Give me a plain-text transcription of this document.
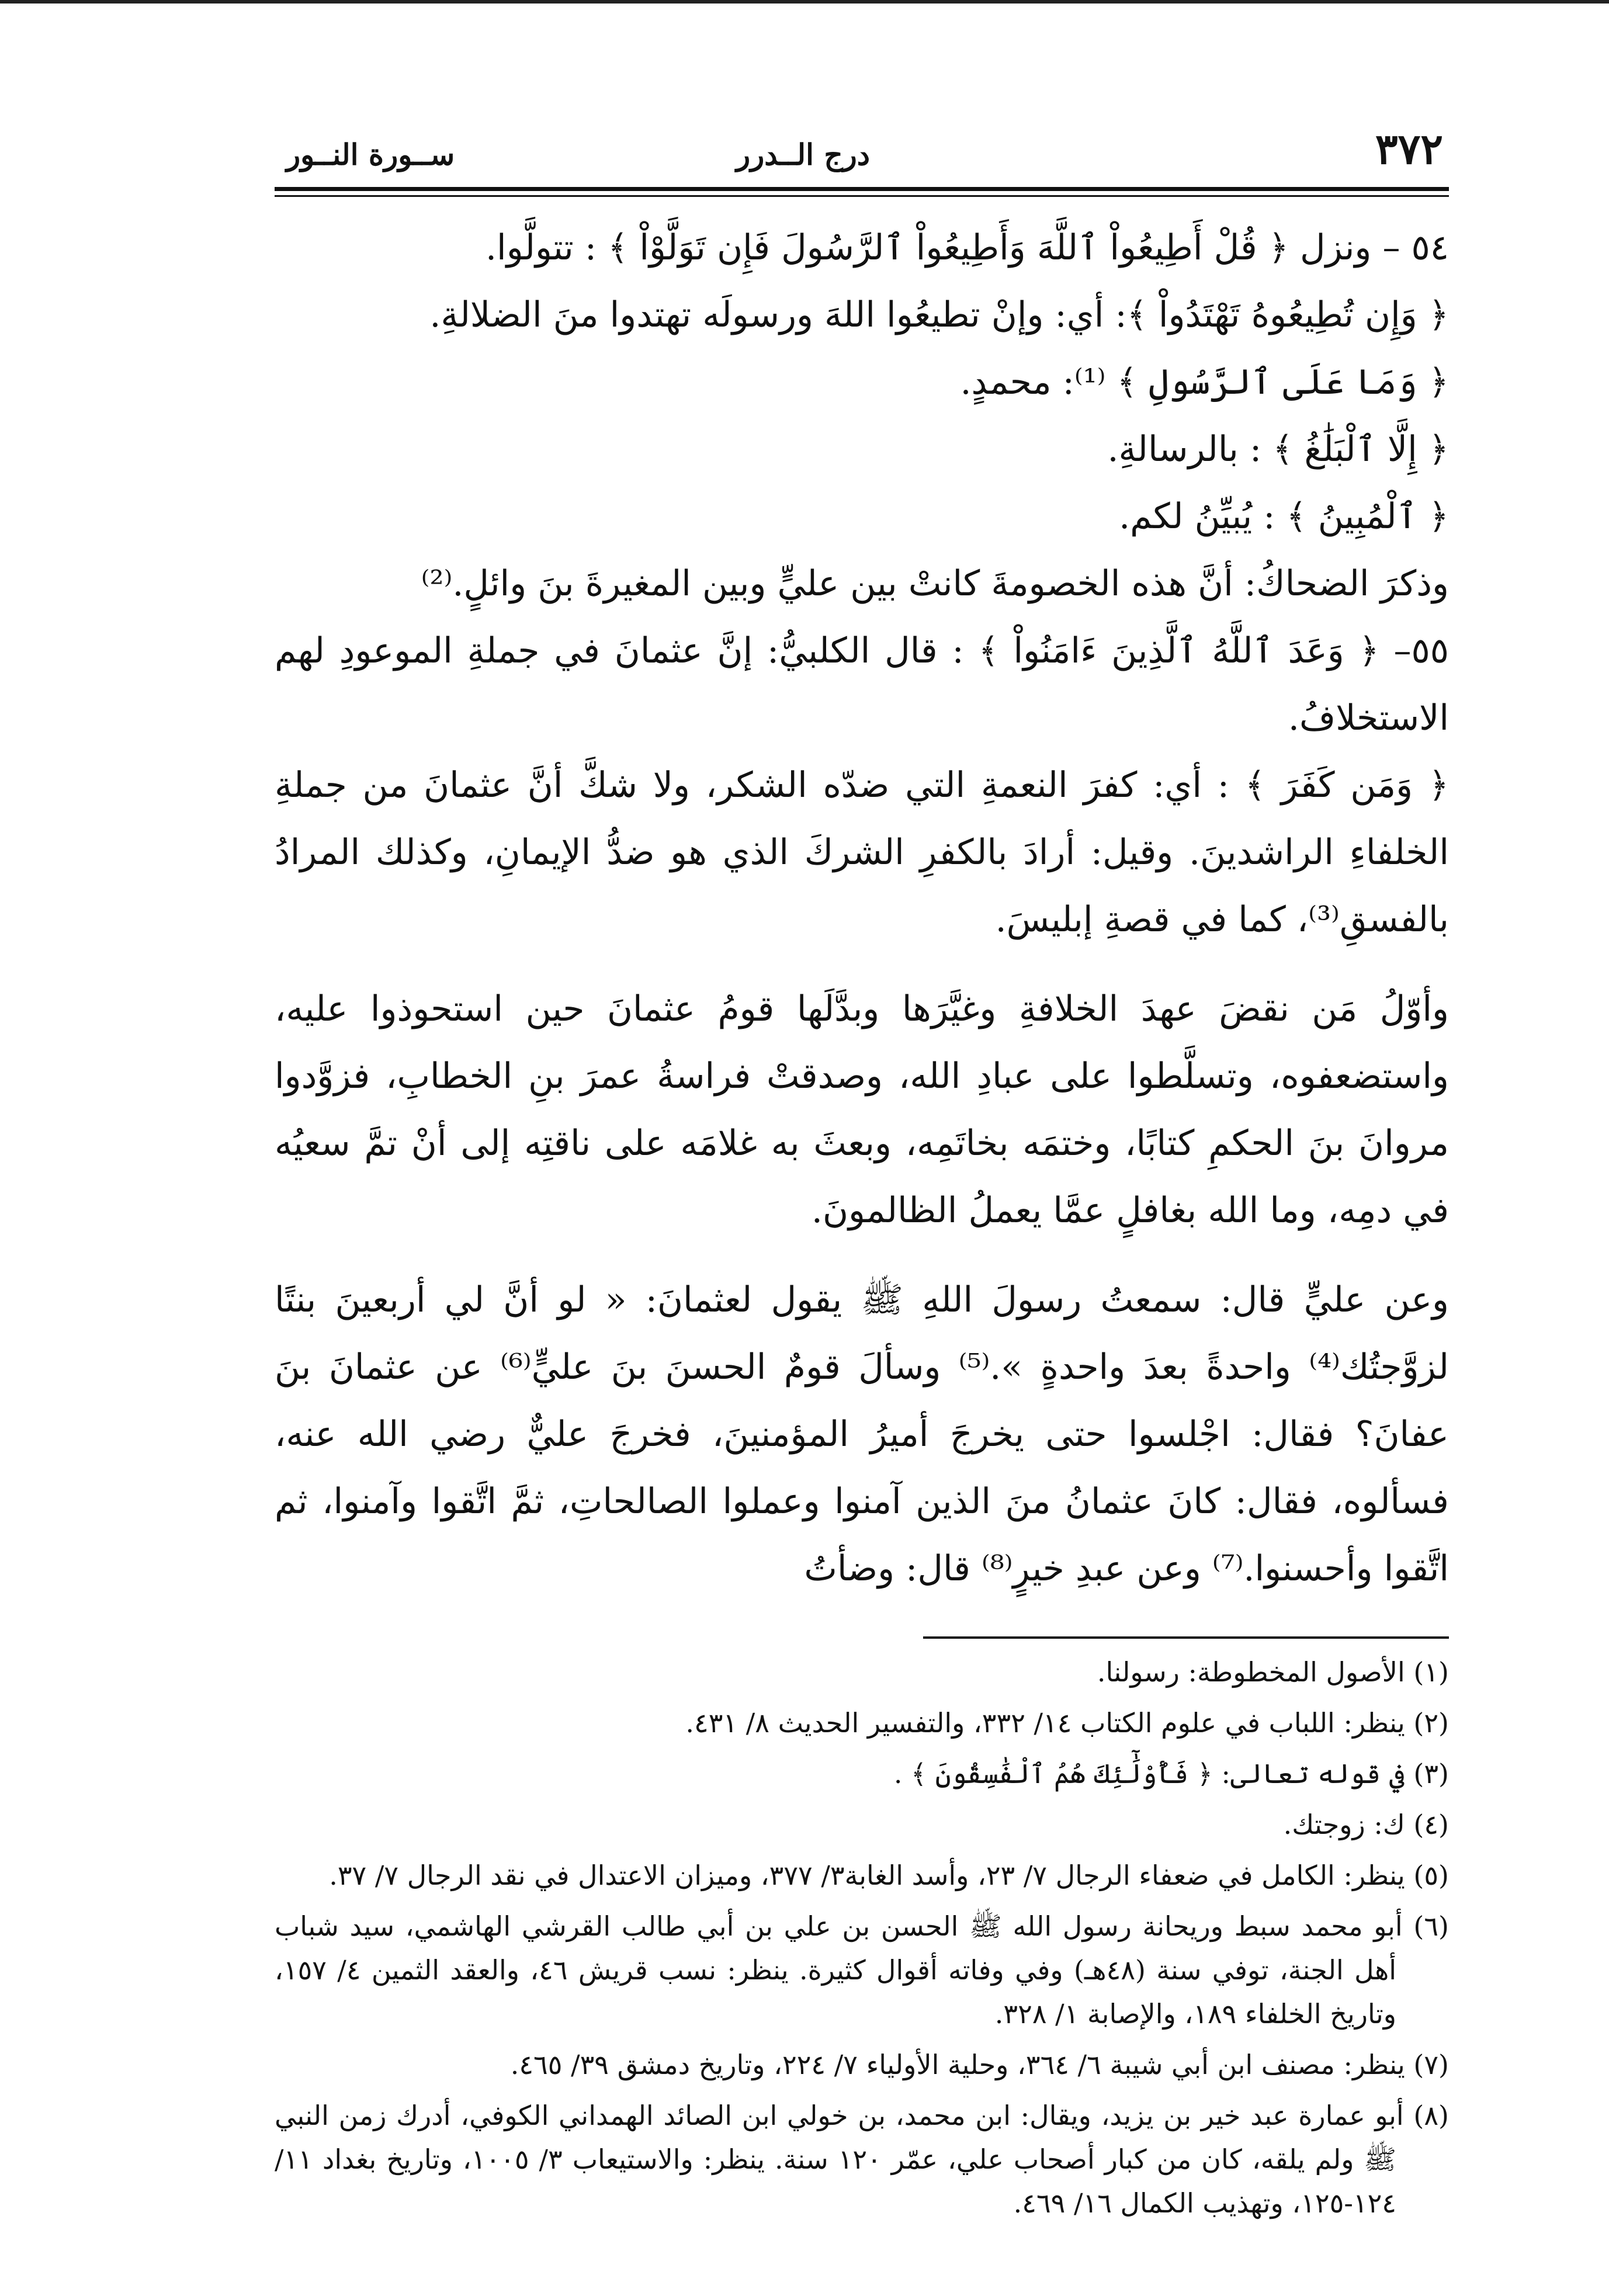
٣٧٢
درج الــدرر
ســورة النــور

٥٤ – ونزل ﴿ قُلْ أَطِيعُواْ ٱللَّهَ وَأَطِيعُواْ ٱلرَّسُولَ فَإِن تَوَلَّوْاْ ﴾ : تتولَّوا.

﴿ وَإِن تُطِيعُوهُ تَهْتَدُواْ ﴾: أي: وإنْ تطيعُوا اللهَ ورسولَه تهتدوا منَ الضلالةِ.

﴿ وَمَا عَلَى ٱلرَّسُولِ ﴾ ⁽¹⁾: محمدٍ.

﴿ إِلَّا ٱلْبَلَٰغُ ﴾ : بالرسالةِ.

﴿ ٱلْمُبِينُ ﴾ : يُبيِّنُ لكم.

وذكرَ الضحاكُ: أنَّ هذه الخصومةَ كانتْ بين عليٍّ وبين المغيرةَ بنَ وائلٍ.⁽²⁾

٥٥– ﴿ وَعَدَ ٱللَّهُ ٱلَّذِينَ ءَامَنُواْ ﴾ : قال الكلبيُّ: إنَّ عثمانَ في جملةِ الموعودِ لهم الاستخلافُ.

﴿ وَمَن كَفَرَ ﴾ : أي: كفرَ النعمةِ التي ضدّه الشكر، ولا شكَّ أنَّ عثمانَ من جملةِ الخلفاءِ الراشدينَ. وقيل: أرادَ بالكفرِ الشركَ الذي هو ضدُّ الإيمانِ، وكذلك المرادُ بالفسقِ⁽³⁾، كما في قصةِ إبليسَ.

وأوّلُ مَن نقضَ عهدَ الخلافةِ وغيَّرَها وبدَّلَها قومُ عثمانَ حين استحوذوا عليه، واستضعفوه، وتسلَّطوا على عبادِ الله، وصدقتْ فراسةُ عمرَ بنِ الخطابِ، فزوَّدوا مروانَ بنَ الحكمِ كتابًا، وختمَه بخاتَمِه، وبعثَ به غلامَه على ناقتِه إلى أنْ تمَّ سعيُه في دمِه، وما الله بغافلٍ عمَّا يعملُ الظالمونَ.

وعن عليٍّ قال: سمعتُ رسولَ اللهِ ﷺ يقول لعثمانَ: « لو أنَّ لي أربعينَ بنتًا لزوَّجتُك⁽⁴⁾ واحدةً بعدَ واحدةٍ ».⁽⁵⁾ وسألَ قومٌ الحسنَ بنَ عليٍّ⁽⁶⁾ عن عثمانَ بنَ عفانَ؟ فقال: اجْلسوا حتى يخرجَ أميرُ المؤمنينَ، فخرجَ عليٌّ رضي الله عنه، فسألوه، فقال: كانَ عثمانُ منَ الذين آمنوا وعملوا الصالحاتِ، ثمَّ اتَّقوا وآمنوا، ثم اتَّقوا وأحسنوا.⁽⁷⁾ وعن عبدِ خيرٍ⁽⁸⁾ قال: وضأتُ

(١) الأصول المخطوطة: رسولنا.

(٢) ينظر: اللباب في علوم الكتاب ١٤/ ٣٣٢، والتفسير الحديث ٨/ ٤٣١.

(٣) في قوله تعالى: ﴿ فَأُوْلَٰٓئِكَ هُمُ ٱلْفَٰسِقُونَ ﴾ .

(٤) ك: زوجتك.

(٥) ينظر: الكامل في ضعفاء الرجال ٧/ ٢٣، وأسد الغابة٣/ ٣٧٧، وميزان الاعتدال في نقد الرجال ٧/ ٣٧.

(٦) أبو محمد سبط وريحانة رسول الله ﷺ الحسن بن علي بن أبي طالب القرشي الهاشمي، سيد شباب أهل الجنة، توفي سنة (٤٨هـ) وفي وفاته أقوال كثيرة. ينظر: نسب قريش ٤٦، والعقد الثمين ٤/ ١٥٧، وتاريخ الخلفاء ١٨٩، والإصابة ١/ ٣٢٨.

(٧) ينظر: مصنف ابن أبي شيبة ٦/ ٣٦٤، وحلية الأولياء ٧/ ٢٢٤، وتاريخ دمشق ٣٩/ ٤٦٥.

(٨) أبو عمارة عبد خير بن يزيد، ويقال: ابن محمد، بن خولي ابن الصائد الهمداني الكوفي، أدرك زمن النبي ﷺ ولم يلقه، كان من كبار أصحاب علي، عمّر ١٢٠ سنة. ينظر: والاستيعاب ٣/ ١٠٠٥، وتاريخ بغداد ١١/ ١٢٤-١٢٥، وتهذيب الكمال ١٦/ ٤٦٩.
